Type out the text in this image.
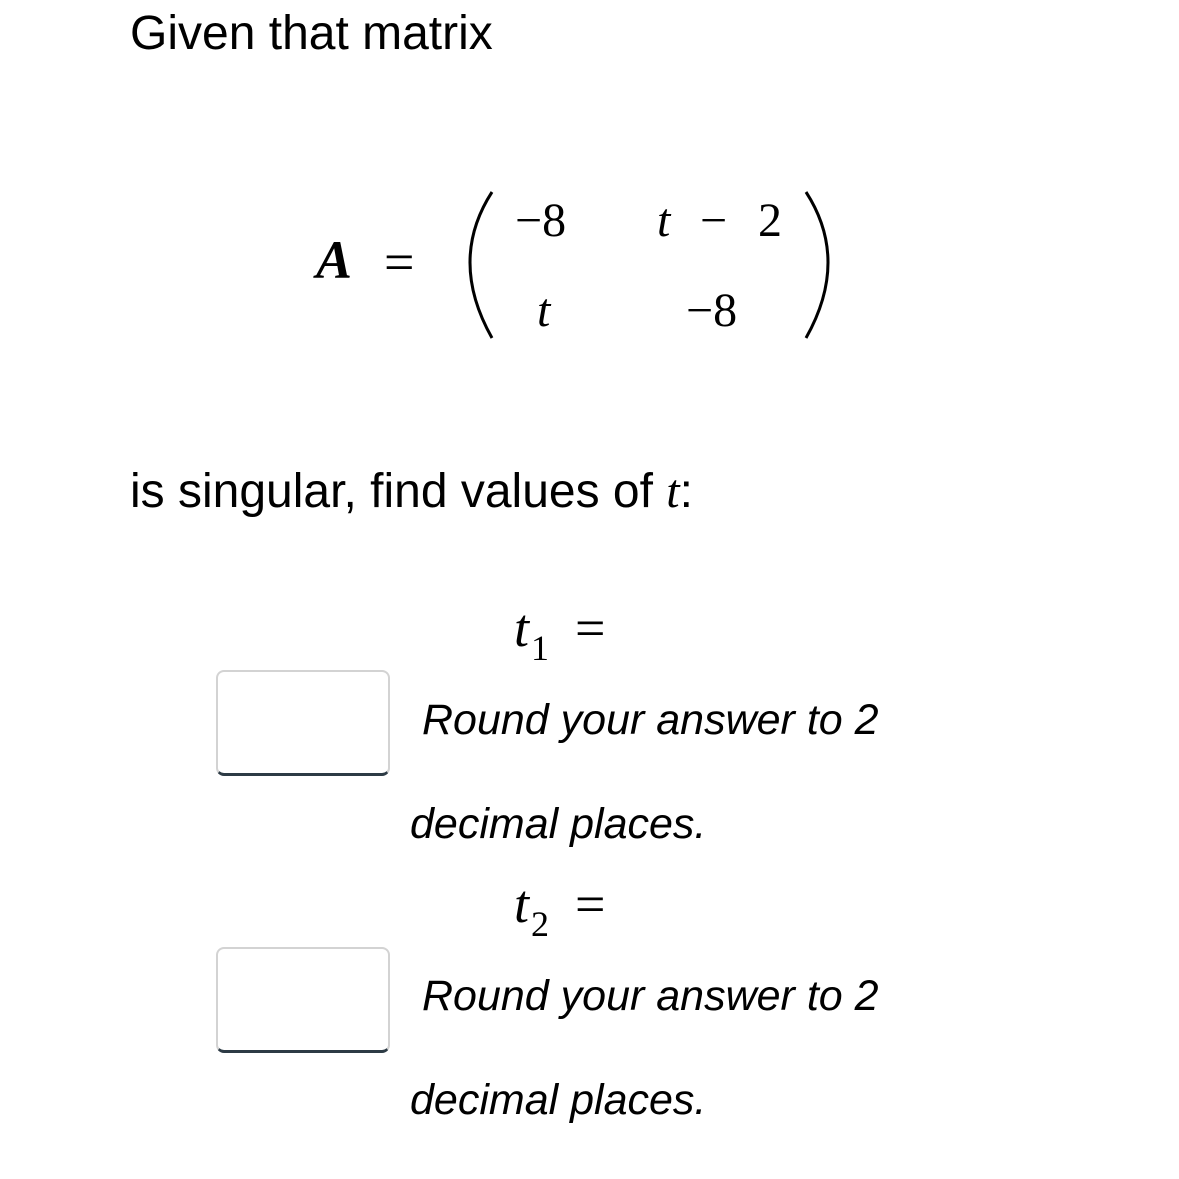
Given that matrix
A =
−8 t − 2
t	−8
is singular, find values of t:
$t_1$ =
Round your answer to 2
decimal places.
$t_2$ =
Round your answer to 2
decimal places.
